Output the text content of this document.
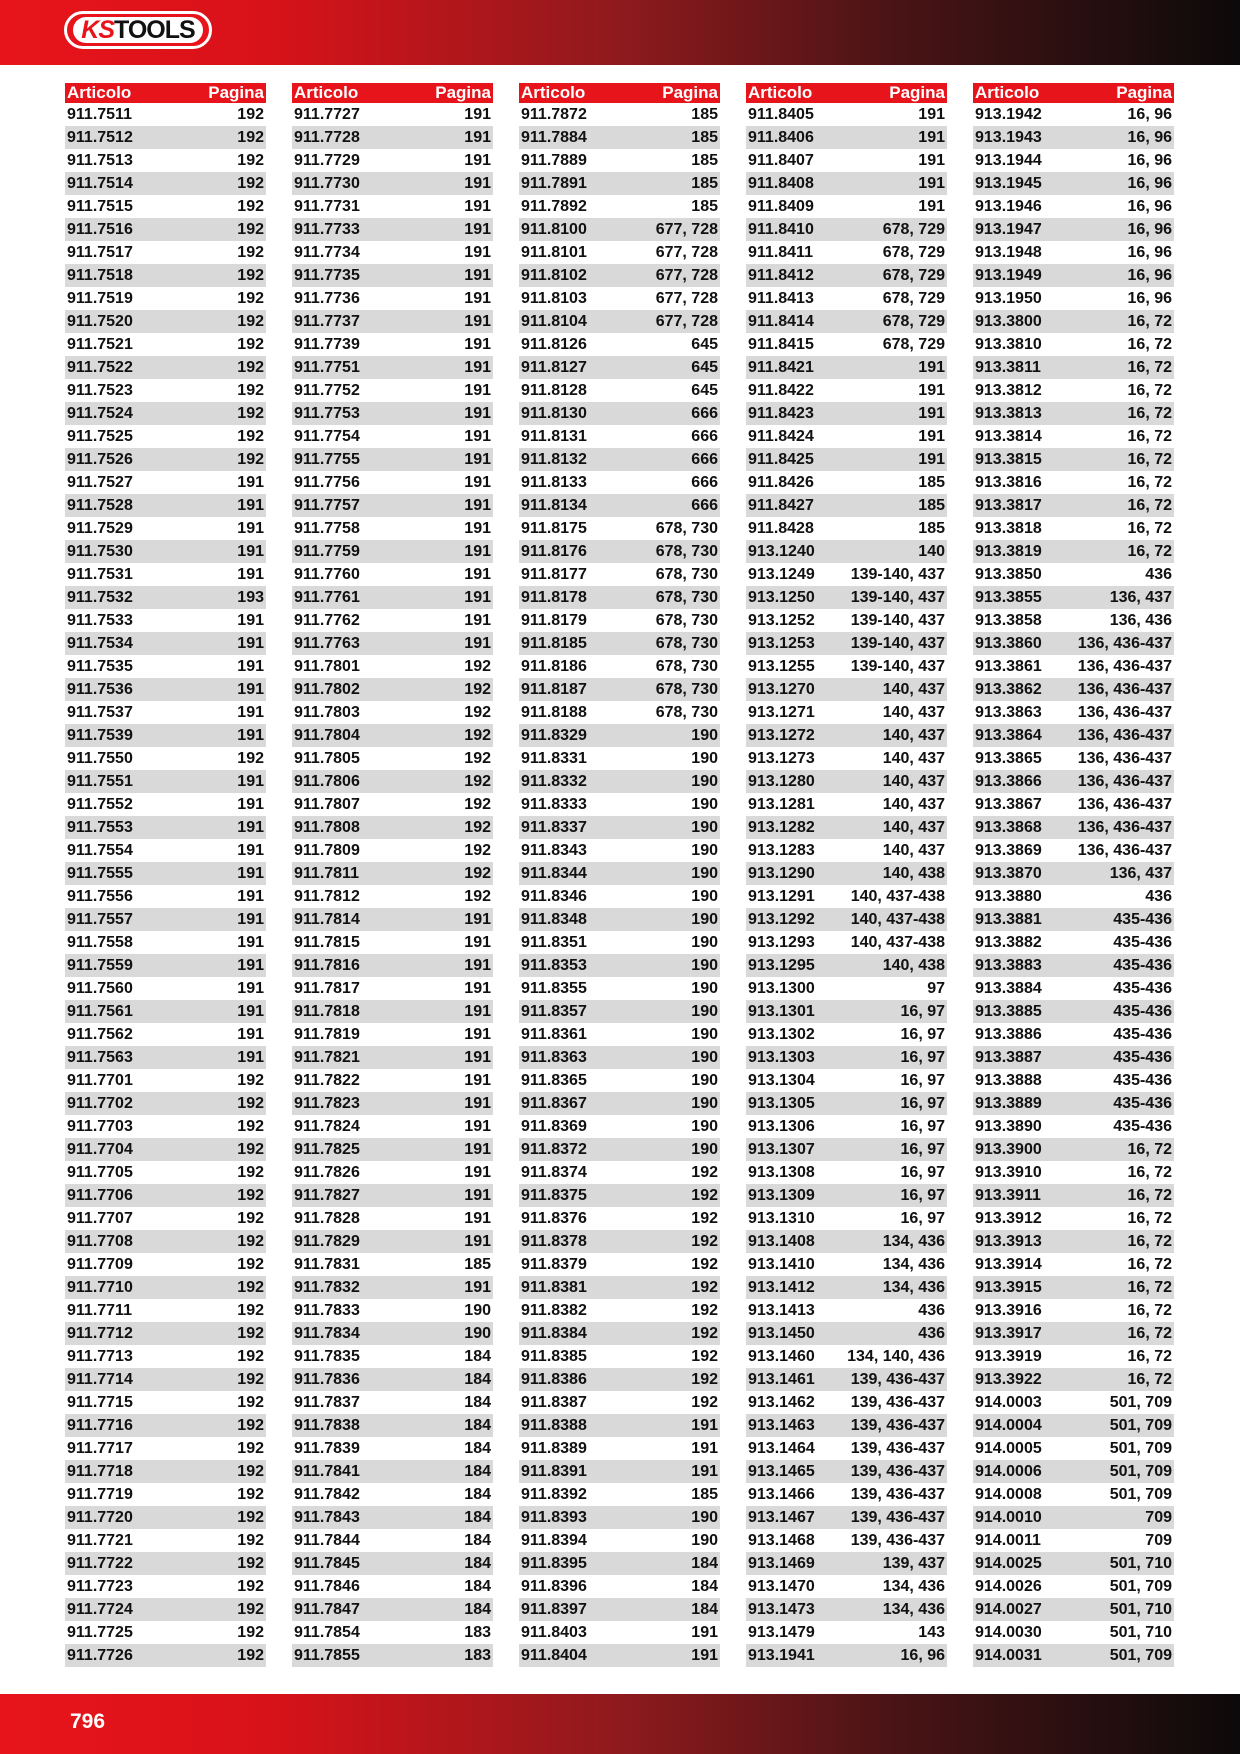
KS TOOLS
Articolo	Pagina
911.7511	192
911.7512	192
911.7513	192
911.7514	192
911.7515	192
911.7516	192
911.7517	192
911.7518	192
911.7519	192
911.7520	192
911.7521	192
911.7522	192
911.7523	192
911.7524	192
911.7525	192
911.7526	192
911.7527	191
911.7528	191
911.7529	191
911.7530	191
911.7531	191
911.7532	193
911.7533	191
911.7534	191
911.7535	191
911.7536	191
911.7537	191
911.7539	191
911.7550	192
911.7551	191
911.7552	191
911.7553	191
911.7554	191
911.7555	191
911.7556	191
911.7557	191
911.7558	191
911.7559	191
911.7560	191
911.7561	191
911.7562	191
911.7563	191
911.7701	192
911.7702	192
911.7703	192
911.7704	192
911.7705	192
911.7706	192
911.7707	192
911.7708	192
911.7709	192
911.7710	192
911.7711	192
911.7712	192
911.7713	192
911.7714	192
911.7715	192
911.7716	192
911.7717	192
911.7718	192
911.7719	192
911.7720	192
911.7721	192
911.7722	192
911.7723	192
911.7724	192
911.7725	192
911.7726	192
Articolo	Pagina
911.7727	191
911.7728	191
911.7729	191
911.7730	191
911.7731	191
911.7733	191
911.7734	191
911.7735	191
911.7736	191
911.7737	191
911.7739	191
911.7751	191
911.7752	191
911.7753	191
911.7754	191
911.7755	191
911.7756	191
911.7757	191
911.7758	191
911.7759	191
911.7760	191
911.7761	191
911.7762	191
911.7763	191
911.7801	192
911.7802	192
911.7803	192
911.7804	192
911.7805	192
911.7806	192
911.7807	192
911.7808	192
911.7809	192
911.7811	192
911.7812	192
911.7814	191
911.7815	191
911.7816	191
911.7817	191
911.7818	191
911.7819	191
911.7821	191
911.7822	191
911.7823	191
911.7824	191
911.7825	191
911.7826	191
911.7827	191
911.7828	191
911.7829	191
911.7831	185
911.7832	191
911.7833	190
911.7834	190
911.7835	184
911.7836	184
911.7837	184
911.7838	184
911.7839	184
911.7841	184
911.7842	184
911.7843	184
911.7844	184
911.7845	184
911.7846	184
911.7847	184
911.7854	183
911.7855	183
Articolo	Pagina
911.7872	185
911.7884	185
911.7889	185
911.7891	185
911.7892	185
911.8100	677, 728
911.8101	677, 728
911.8102	677, 728
911.8103	677, 728
911.8104	677, 728
911.8126	645
911.8127	645
911.8128	645
911.8130	666
911.8131	666
911.8132	666
911.8133	666
911.8134	666
911.8175	678, 730
911.8176	678, 730
911.8177	678, 730
911.8178	678, 730
911.8179	678, 730
911.8185	678, 730
911.8186	678, 730
911.8187	678, 730
911.8188	678, 730
911.8329	190
911.8331	190
911.8332	190
911.8333	190
911.8337	190
911.8343	190
911.8344	190
911.8346	190
911.8348	190
911.8351	190
911.8353	190
911.8355	190
911.8357	190
911.8361	190
911.8363	190
911.8365	190
911.8367	190
911.8369	190
911.8372	190
911.8374	192
911.8375	192
911.8376	192
911.8378	192
911.8379	192
911.8381	192
911.8382	192
911.8384	192
911.8385	192
911.8386	192
911.8387	192
911.8388	191
911.8389	191
911.8391	191
911.8392	185
911.8393	190
911.8394	190
911.8395	184
911.8396	184
911.8397	184
911.8403	191
911.8404	191
Articolo	Pagina
911.8405	191
911.8406	191
911.8407	191
911.8408	191
911.8409	191
911.8410	678, 729
911.8411	678, 729
911.8412	678, 729
911.8413	678, 729
911.8414	678, 729
911.8415	678, 729
911.8421	191
911.8422	191
911.8423	191
911.8424	191
911.8425	191
911.8426	185
911.8427	185
911.8428	185
913.1240	140
913.1249 139-140, 437
913.1250 139-140, 437
913.1252 139-140, 437
913.1253 139-140, 437
913.1255 139-140, 437
913.1270	140, 437
913.1271	140, 437
913.1272	140, 437
913.1273	140, 437
913.1280	140, 437
913.1281	140, 437
913.1282	140, 437
913.1283	140, 437
913.1290	140, 438
913.1291 140, 437-438
913.1292 140, 437-438
913.1293 140, 437-438
913.1295	140, 438
913.1300	97
913.1301	16, 97
913.1302	16, 97
913.1303	16, 97
913.1304	16, 97
913.1305	16, 97
913.1306	16, 97
913.1307	16, 97
913.1308	16, 97
913.1309	16, 97
913.1310	16, 97
913.1408	134, 436
913.1410	134, 436
913.1412	134, 436
913.1413	436
913.1450	436
913.1460 134, 140, 436
913.1461 139, 436-437
913.1462 139, 436-437
913.1463 139, 436-437
913.1464 139, 436-437
913.1465 139, 436-437
913.1466 139, 436-437
913.1467 139, 436-437
913.1468 139, 436-437
913.1469	139, 437
913.1470	134, 436
913.1473	134, 436
913.1479	143
913.1941	16, 96
Articolo	Pagina
913.1942	16, 96
913.1943	16, 96
913.1944	16, 96
913.1945	16, 96
913.1946	16, 96
913.1947	16, 96
913.1948	16, 96
913.1949	16, 96
913.1950	16, 96
913.3800	16, 72
913.3810	16, 72
913.3811	16, 72
913.3812	16, 72
913.3813	16, 72
913.3814	16, 72
913.3815	16, 72
913.3816	16, 72
913.3817	16, 72
913.3818	16, 72
913.3819	16, 72
913.3850	436
913.3855	136, 437
913.3858	136, 436
913.3860 136, 436-437
913.3861 136, 436-437
913.3862 136, 436-437
913.3863 136, 436-437
913.3864 136, 436-437
913.3865 136, 436-437
913.3866 136, 436-437
913.3867 136, 436-437
913.3868 136, 436-437
913.3869 136, 436-437
913.3870	136, 437
913.3880	436
913.3881	435-436
913.3882	435-436
913.3883	435-436
913.3884	435-436
913.3885	435-436
913.3886	435-436
913.3887	435-436
913.3888	435-436
913.3889	435-436
913.3890	435-436
913.3900	16, 72
913.3910	16, 72
913.3911	16, 72
913.3912	16, 72
913.3913	16, 72
913.3914	16, 72
913.3915	16, 72
913.3916	16, 72
913.3917	16, 72
913.3919	16, 72
913.3922	16, 72
914.0003	501, 709
914.0004	501, 709
914.0005	501, 709
914.0006	501, 709
914.0008	501, 709
914.0010	709
914.0011	709
914.0025	501, 710
914.0026	501, 709
914.0027	501, 710
914.0030	501, 710
914.0031	501, 709
796
